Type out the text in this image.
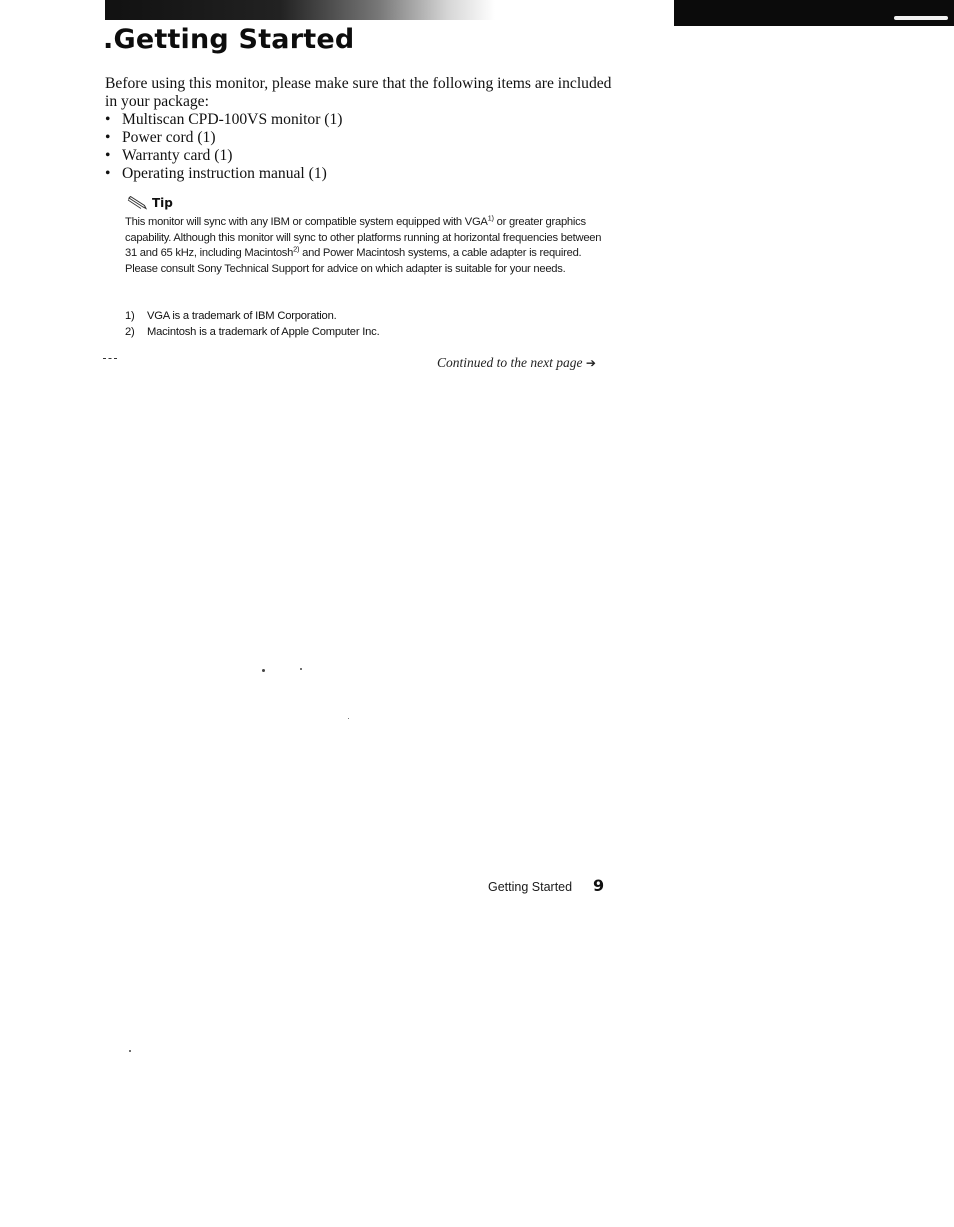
.Getting Started

Before using this monitor, please make sure that the following items are included in your package:

• Multiscan CPD-100VS monitor (1)
• Power cord (1)
• Warranty card (1)
• Operating instruction manual (1)
Tip

This monitor will sync with any IBM or compatible system equipped with VGA$^{1)}$ or greater graphics capability. Although this monitor will sync to other platforms running at horizontal frequencies between 31 and 65 kHz, including Macintosh$^{2)}$ and Power Macintosh systems, a cable adapter is required. Please consult Sony Technical Support for advice on which adapter is suitable for your needs.

1) VGA is a trademark of IBM Corporation.
2) Macintosh is a trademark of Apple Computer Inc.
Continued to the next page ➔
Getting Started 9
